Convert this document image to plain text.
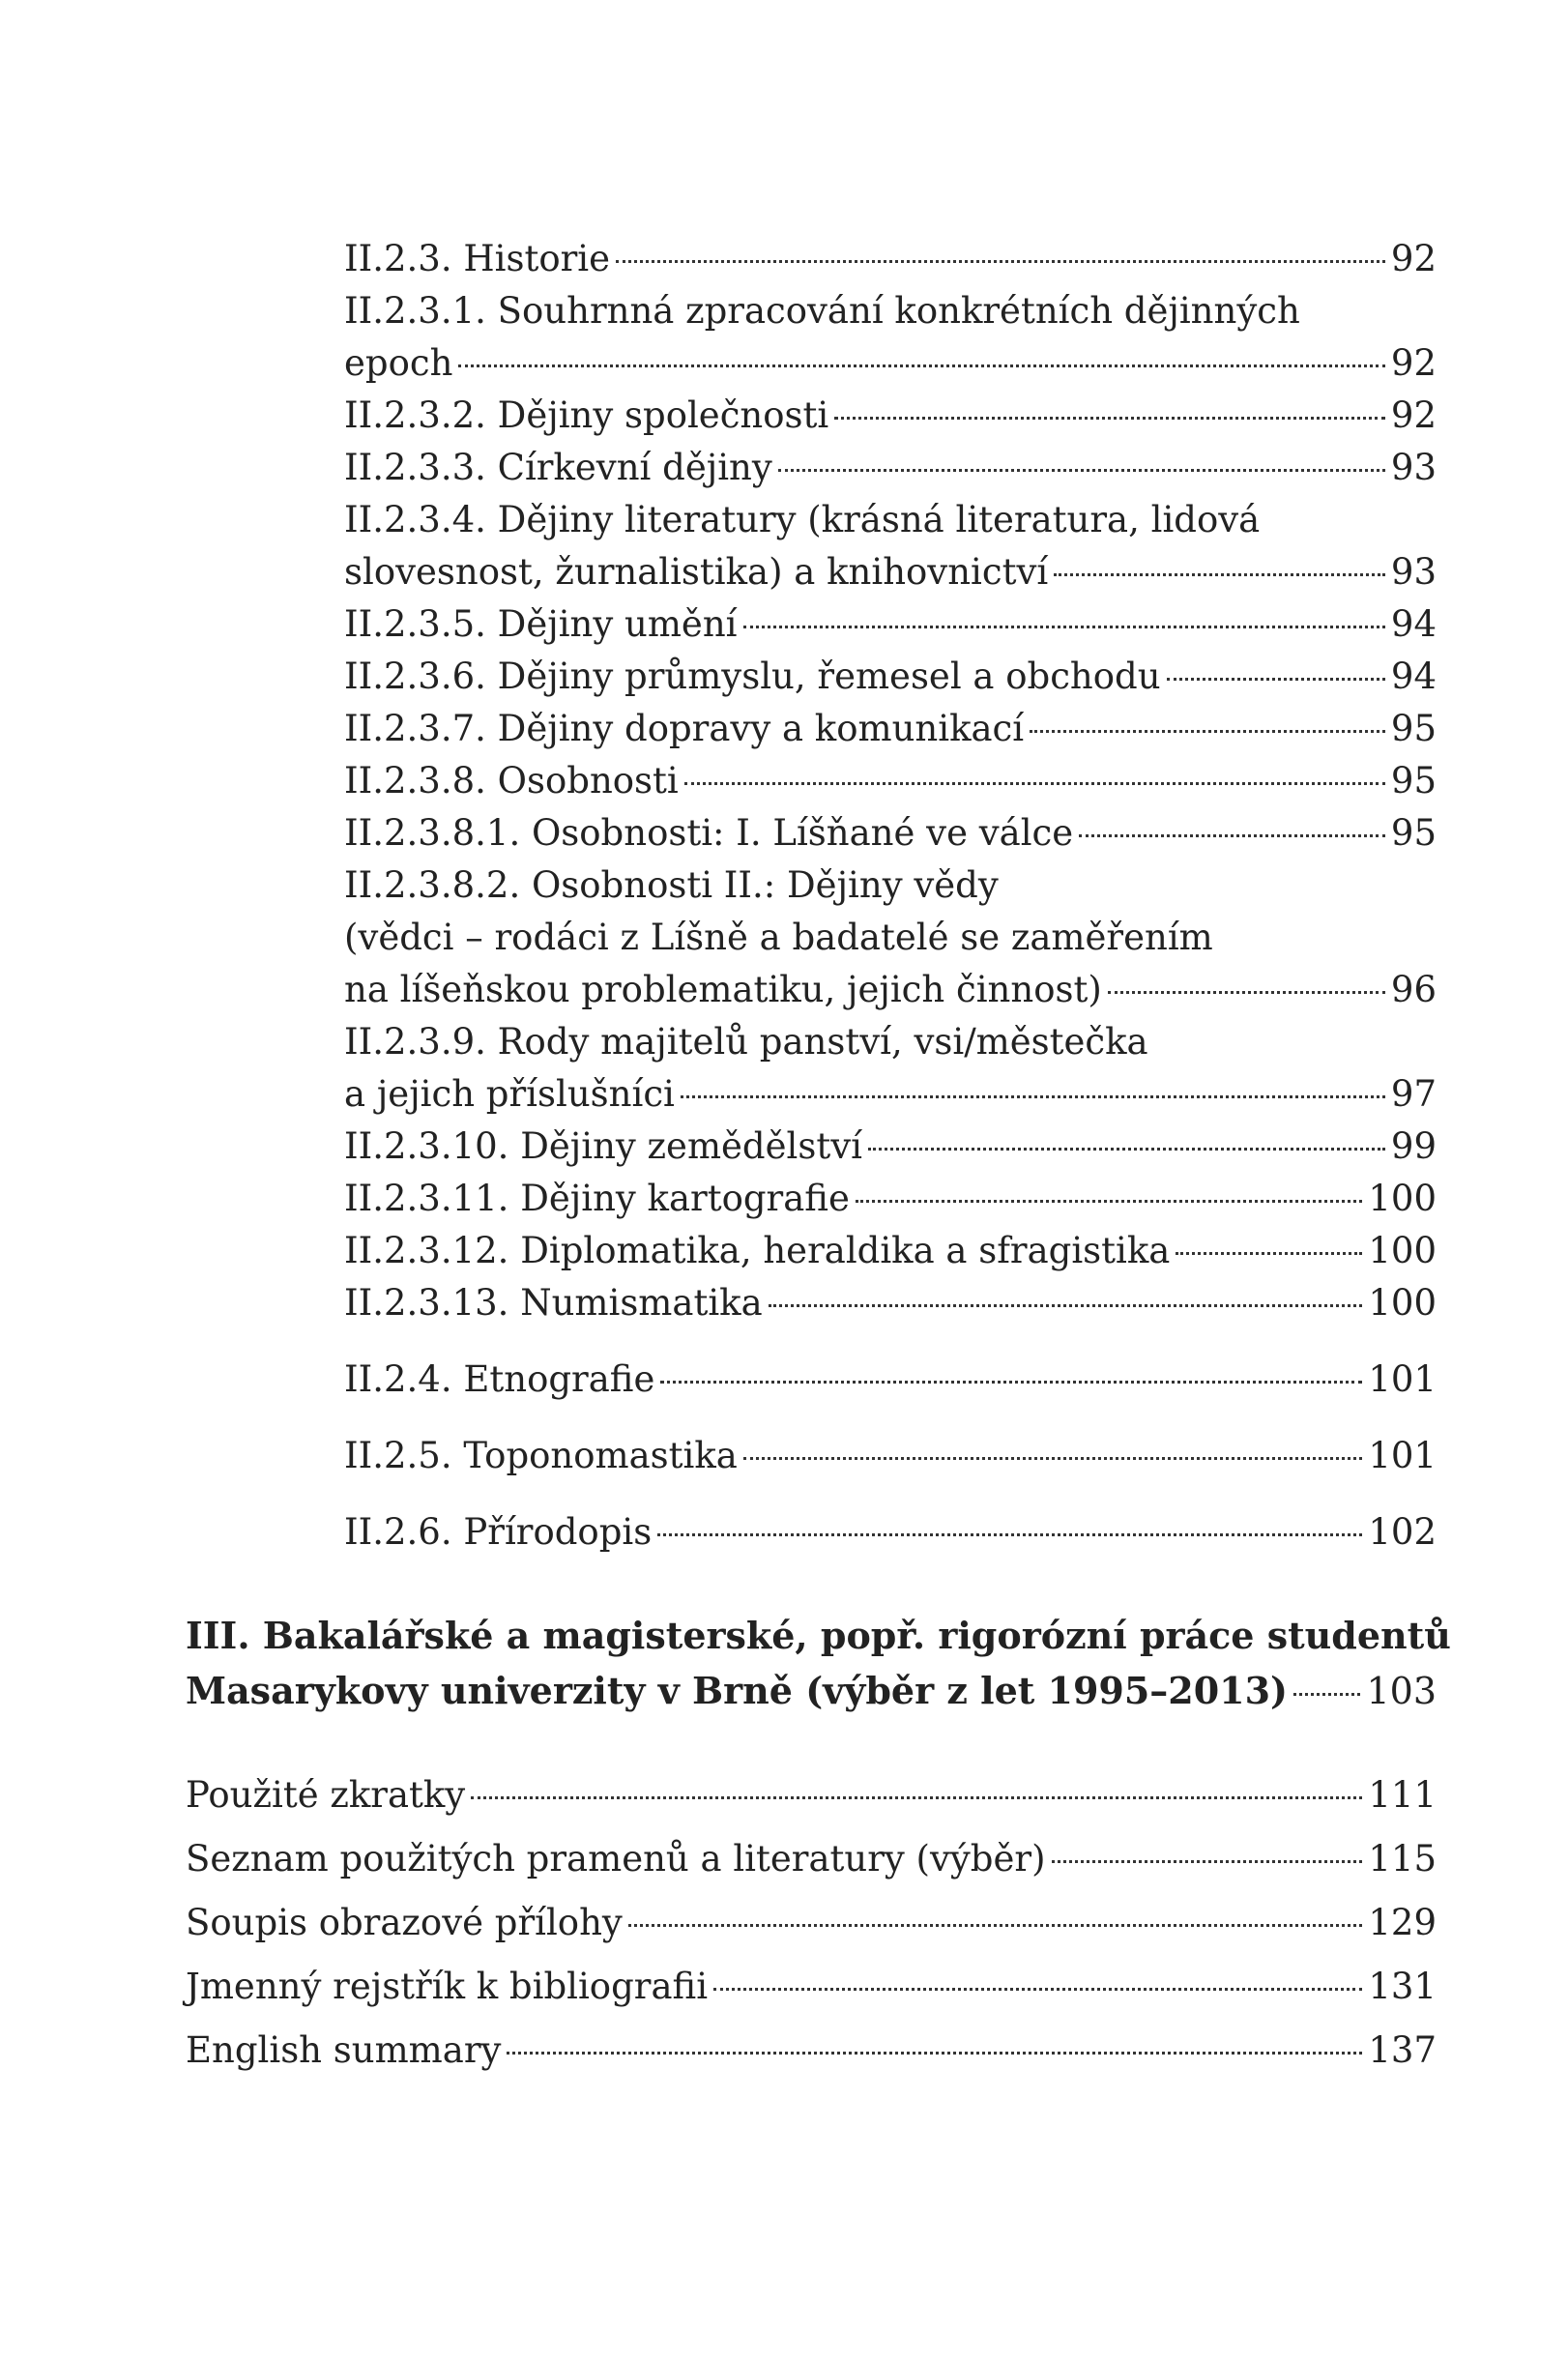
II.2.3. Historie	92
II.2.3.1. Souhrnná zpracování konkrétních dějinných
epoch	92
II.2.3.2. Dějiny společnosti	92
II.2.3.3. Církevní dějiny	93
II.2.3.4. Dějiny literatury (krásná literatura, lidová
slovesnost, žurnalistika) a knihovnictví	93
II.2.3.5. Dějiny umění	94
II.2.3.6. Dějiny průmyslu, řemesel a obchodu	94
II.2.3.7. Dějiny dopravy a komunikací	95
II.2.3.8. Osobnosti	95
II.2.3.8.1. Osobnosti: I. Líšňané ve válce	95
II.2.3.8.2. Osobnosti II.: Dějiny vědy
(vědci – rodáci z Líšně a badatelé se zaměřením
na líšeňskou problematiku, jejich činnost)	96
II.2.3.9. Rody majitelů panství, vsi/městečka
a jejich příslušníci	97
II.2.3.10. Dějiny zemědělství	99
II.2.3.11. Dějiny kartografie	100
II.2.3.12. Diplomatika, heraldika a sfragistika	100
II.2.3.13. Numismatika	100
II.2.4. Etnografie	101
II.2.5. Toponomastika	101
II.2.6. Přírodopis	102
III. Bakalářské a magisterské, popř. rigorózní práce studentů
Masarykovy univerzity v Brně (výběr z let 1995–2013) 103
Použité zkratky	111
Seznam použitých pramenů a literatury (výběr)	115
Soupis obrazové přílohy	129
Jmenný rejstřík k bibliografii	131
English summary	137
